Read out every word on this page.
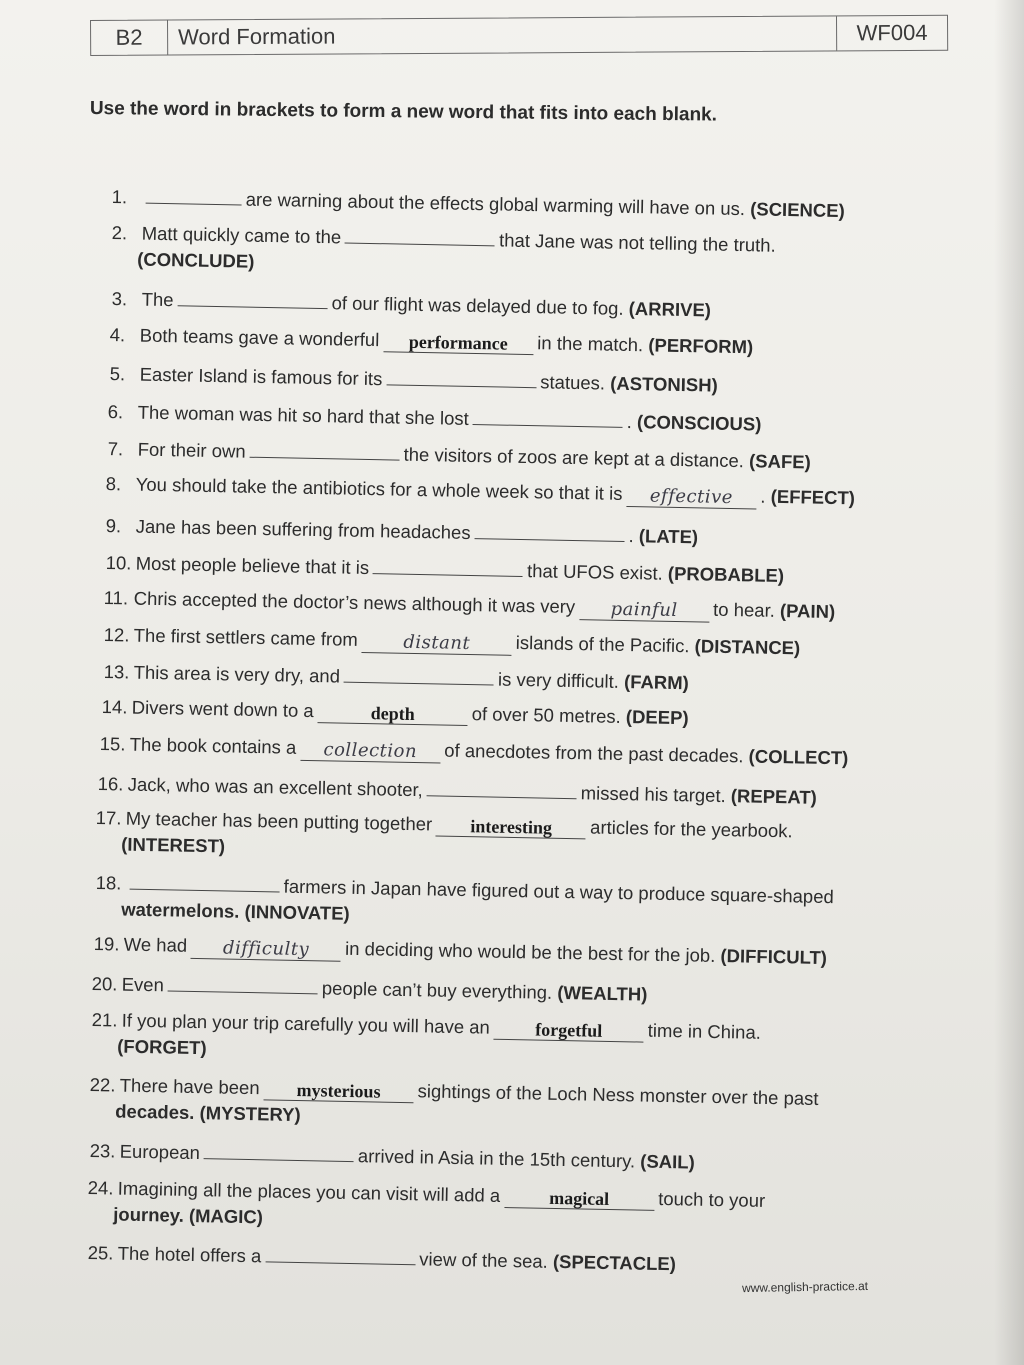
B2	Word Formation	WF004
Use the word in brackets to form a new word that fits into each blank.
1.	are warning about the effects global warming will have on us. (SCIENCE)
2. Matt quickly came to the	that Jane was not telling the truth.
(CONCLUDE)
3. The	of our flight was delayed due to fog. (ARRIVE)
4. Both teams gave a wonderful performance in the match. (PERFORM)
5. Easter Island is famous for its	statues. (ASTONISH)
6. The woman was hit so hard that she lost	. (CONSCIOUS)
7. For their own	the visitors of zoos are kept at a distance. (SAFE)
8. You should take the antibiotics for a whole week so that it is effective . (EFFECT)
9. Jane has been suffering from headaches	. (LATE)
10. Most people believe that it is	that UFOS exist. (PROBABLE)
11. Chris accepted the doctor’s news although it was very painful to hear. (PAIN)
12. The first settlers came from	distant islands of the Pacific. (DISTANCE)
13. This area is very dry, and	is very difficult. (FARM)
14. Divers went down to a	depth	of over 50 metres. (DEEP)
15. The book contains a collection of anecdotes from the past decades. (COLLECT)
16. Jack, who was an excellent shooter,	missed his target. (REPEAT)
17. My teacher has been putting together interesting articles for the yearbook.
(INTEREST)
18.	farmers in Japan have figured out a way to produce square-shaped
watermelons. (INNOVATE)
19. We had difficulty in deciding who would be the best for the job. (DIFFICULT)
20. Even	people can’t buy everything. (WEALTH)
21. If you plan your trip carefully you will have an	forgetful time in China.
(FORGET)
22. There have been mysterious sightings of the Loch Ness monster over the past
decades. (MYSTERY)
23. European	arrived in Asia in the 15th century. (SAIL)
24. Imagining all the places you can visit will add a	magical	touch to your
journey. (MAGIC)
25. The hotel offers a	view of the sea. (SPECTACLE)
www.english-practice.at
